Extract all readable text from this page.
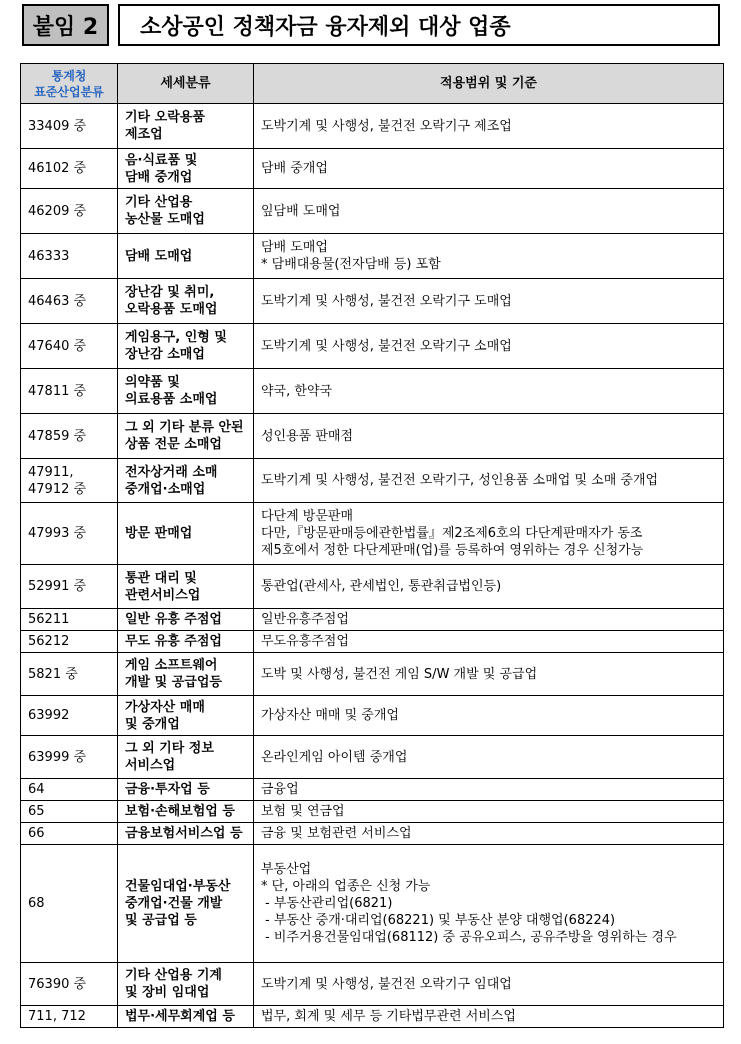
붙임 2	소상공인 정책자금 융자제외 대상 업종
통계청
표준산업분류	세세분류	적용범위 및 기준

33409 중	기타 오락용품
제조업	도박기계 및 사행성, 불건전 오락기구 제조업

46102 중	음·식료품 및
담배 중개업	담배 중개업

46209 중	기타 산업용
농산물 도매업	잎담배 도매업

46333	담배 도매업	담배 도매업
* 담배대용물(전자담배 등) 포함

46463 중	장난감 및 취미,
오락용품 도매업	도박기계 및 사행성, 불건전 오락기구 도매업

47640 중	게임용구, 인형 및
장난감 소매업	도박기계 및 사행성, 불건전 오락기구 소매업

47811 중	의약품 및
의료용품 소매업	약국, 한약국

47859 중	그 외 기타 분류 안된
상품 전문 소매업	성인용품 판매점

47911,
47912 중	전자상거래 소매
중개업·소매업	도박기계 및 사행성, 불건전 오락기구, 성인용품 소매업 및 소매 중개업

47993 중	방문 판매업	다단계 방문판매
다만,『방문판매등에관한법률』제2조제6호의 다단계판매자가 동조
제5호에서 정한 다단계판매(업)를 등록하여 영위하는 경우 신청가능

52991 중	통관 대리 및
관련서비스업	통관업(관세사, 관세법인, 통관취급법인등)

56211	일반 유흥 주점업	일반유흥주점업

56212	무도 유흥 주점업	무도유흥주점업

5821 중	게임 소프트웨어
개발 및 공급업등	도박 및 사행성, 불건전 게임 S/W 개발 및 공급업

63992	가상자산 매매
및 중개업	가상자산 매매 및 중개업

63999 중	그 외 기타 정보
서비스업	온라인게임 아이템 중개업

64	금융·투자업 등	금융업

65	보험·손해보험업 등	보험 및 연금업

66	금융보험서비스업 등	금융 및 보험관련 서비스업

68	건물임대업·부동산
중개업·건물 개발
및 공급업 등	부동산업
* 단, 아래의 업종은 신청 가능
- 부동산관리업(6821)
- 부동산 중개·대리업(68221) 및 부동산 분양 대행업(68224)
- 비주거용건물임대업(68112) 중 공유오피스, 공유주방을 영위하는 경우

76390 중	기타 산업용 기계
및 장비 임대업	도박기계 및 사행성, 불건전 오락기구 임대업

711, 712	법무·세무회계업 등	법무, 회계 및 세무 등 기타법무관련 서비스업
